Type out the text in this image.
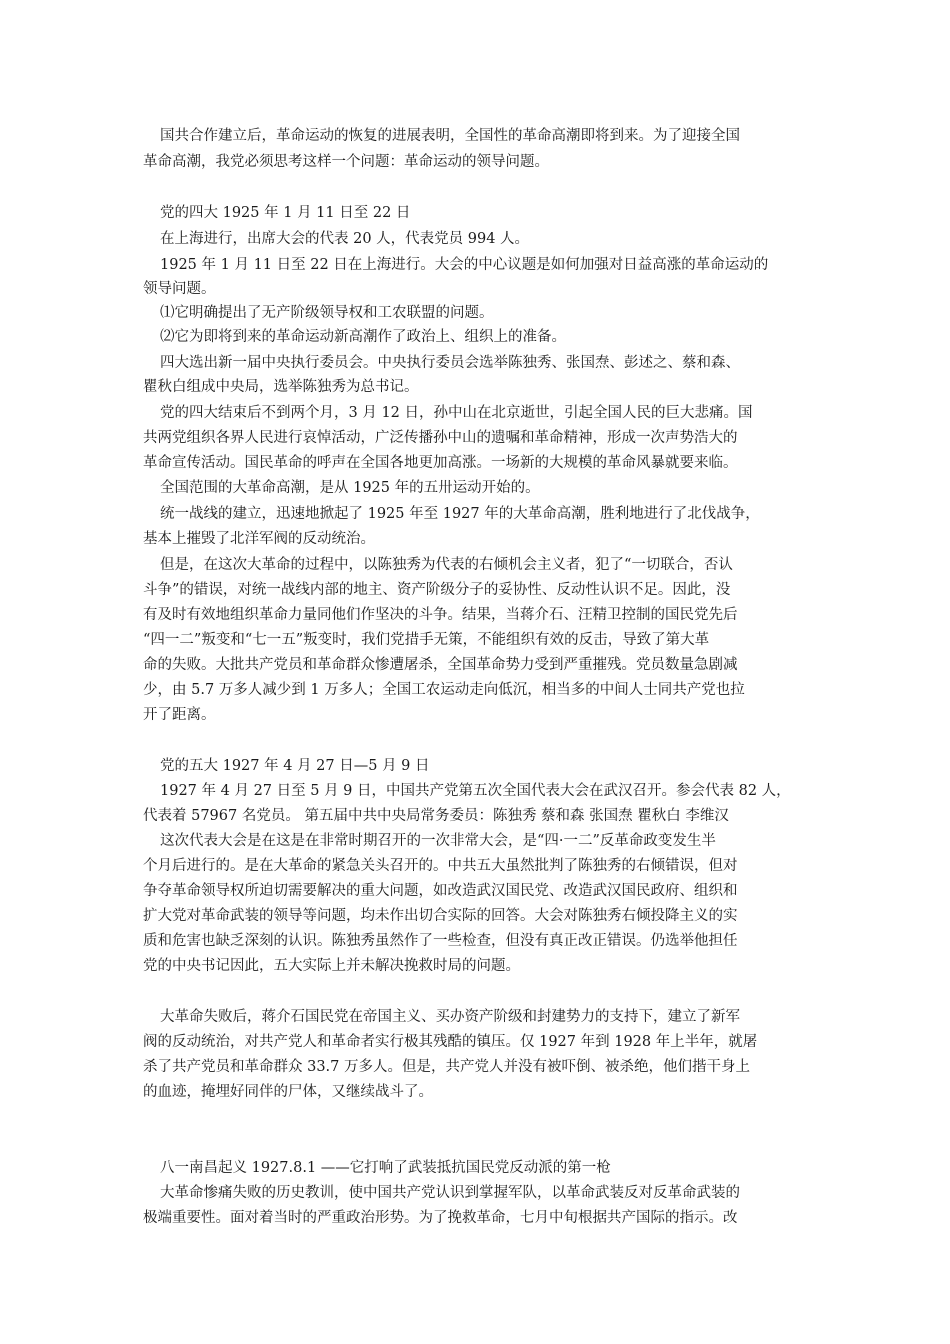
国共合作建立后，革命运动的恢复的进展表明，全国性的革命高潮即将到来。为了迎接全国
革命高潮，我党必须思考这样一个问题：革命运动的领导问题。
党的四大 1925 年 1 月 11 日至 22 日
在上海进行，出席大会的代表 20 人，代表党员 994 人。
1925 年 1 月 11 日至 22 日在上海进行。大会的中心议题是如何加强对日益高涨的革命运动的
领导问题。
⑴它明确提出了无产阶级领导权和工农联盟的问题。
⑵它为即将到来的革命运动新高潮作了政治上、组织上的准备。
四大选出新一届中央执行委员会。中央执行委员会选举陈独秀、张国焘、彭述之、蔡和森、
瞿秋白组成中央局，选举陈独秀为总书记。
党的四大结束后不到两个月，3 月 12 日，孙中山在北京逝世，引起全国人民的巨大悲痛。国
共两党组织各界人民进行哀悼活动，广泛传播孙中山的遗嘱和革命精神，形成一次声势浩大的
革命宣传活动。国民革命的呼声在全国各地更加高涨。一场新的大规模的革命风暴就要来临。
全国范围的大革命高潮，是从 1925 年的五卅运动开始的。
统一战线的建立，迅速地掀起了 1925 年至 1927 年的大革命高潮，胜利地进行了北伐战争，
基本上摧毁了北洋军阀的反动统治。
但是，在这次大革命的过程中，以陈独秀为代表的右倾机会主义者，犯了“一切联合，否认
斗争”的错误，对统一战线内部的地主、资产阶级分子的妥协性、反动性认识不足。因此，没
有及时有效地组织革命力量同他们作坚决的斗争。结果，当蒋介石、汪精卫控制的国民党先后
“四一二”叛变和“七一五”叛变时，我们党措手无策，不能组织有效的反击，导致了第大革
命的失败。大批共产党员和革命群众惨遭屠杀，全国革命势力受到严重摧残。党员数量急剧减
少，由 5.7 万多人减少到 1 万多人；全国工农运动走向低沉，相当多的中间人士同共产党也拉
开了距离。
党的五大 1927 年 4 月 27 日—5 月 9 日
1927 年 4 月 27 日至 5 月 9 日，中国共产党第五次全国代表大会在武汉召开。参会代表 82 人，
代表着 57967 名党员。 第五届中共中央局常务委员：陈独秀 蔡和森 张国焘 瞿秋白 李维汉
这次代表大会是在这是在非常时期召开的一次非常大会，是“四·一二”反革命政变发生半
个月后进行的。是在大革命的紧急关头召开的。中共五大虽然批判了陈独秀的右倾错误，但对
争夺革命领导权所迫切需要解决的重大问题，如改造武汉国民党、改造武汉国民政府、组织和
扩大党对革命武装的领导等问题，均未作出切合实际的回答。大会对陈独秀右倾投降主义的实
质和危害也缺乏深刻的认识。陈独秀虽然作了一些检查，但没有真正改正错误。仍选举他担任
党的中央书记因此，五大实际上并未解决挽救时局的问题。
大革命失败后，蒋介石国民党在帝国主义、买办资产阶级和封建势力的支持下，建立了新军
阀的反动统治，对共产党人和革命者实行极其残酷的镇压。仅 1927 年到 1928 年上半年，就屠
杀了共产党员和革命群众 33.7 万多人。但是，共产党人并没有被吓倒、被杀绝，他们揩干身上
的血迹，掩埋好同伴的尸体，又继续战斗了。
八一南昌起义 1927.8.1 ——它打响了武装抵抗国民党反动派的第一枪
大革命惨痛失败的历史教训，使中国共产党认识到掌握军队，以革命武装反对反革命武装的
极端重要性。面对着当时的严重政治形势。为了挽救革命，七月中旬根据共产国际的指示。改
